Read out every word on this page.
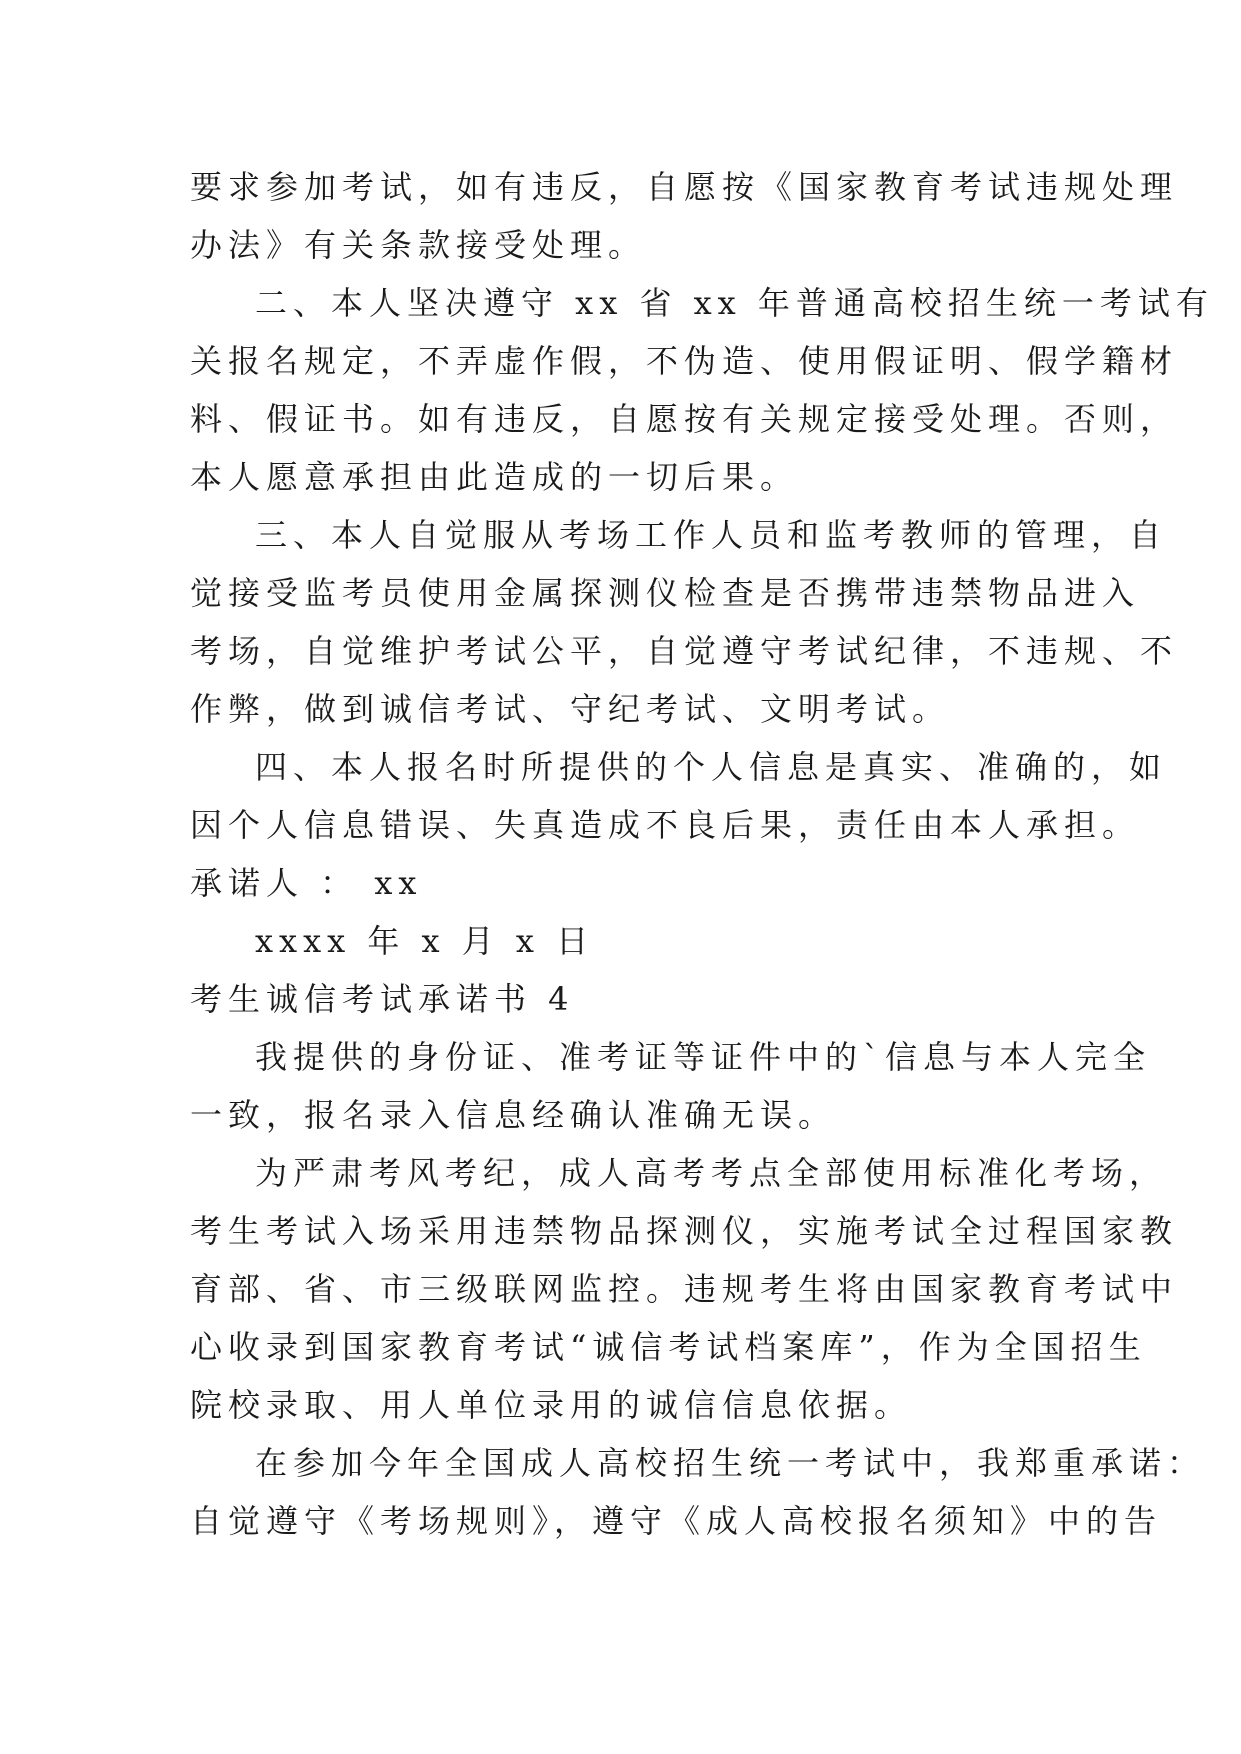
要求参加考试，如有违反，自愿按《国家教育考试违规处理
办法》有关条款接受处理。
二、本人坚决遵守 xx 省 xx 年普通高校招生统一考试有
关报名规定，不弄虚作假，不伪造、使用假证明、假学籍材
料、假证书。如有违反，自愿按有关规定接受处理。否则，
本人愿意承担由此造成的一切后果。
三、本人自觉服从考场工作人员和监考教师的管理，自
觉接受监考员使用金属探测仪检查是否携带违禁物品进入
考场，自觉维护考试公平，自觉遵守考试纪律，不违规、不
作弊，做到诚信考试、守纪考试、文明考试。
四、本人报名时所提供的个人信息是真实、准确的，如
因个人信息错误、失真造成不良后果，责任由本人承担。
承诺人 ： xx
xxxx 年 x 月 x 日
考生诚信考试承诺书 4
我提供的身份证、准考证等证件中的`信息与本人完全
一致，报名录入信息经确认准确无误。
为严肃考风考纪，成人高考考点全部使用标准化考场，
考生考试入场采用违禁物品探测仪，实施考试全过程国家教
育部、省、市三级联网监控。违规考生将由国家教育考试中
心收录到国家教育考试“诚信考试档案库”，作为全国招生
院校录取、用人单位录用的诚信信息依据。
在参加今年全国成人高校招生统一考试中，我郑重承诺：
自觉遵守《考场规则》，遵守《成人高校报名须知》中的告
